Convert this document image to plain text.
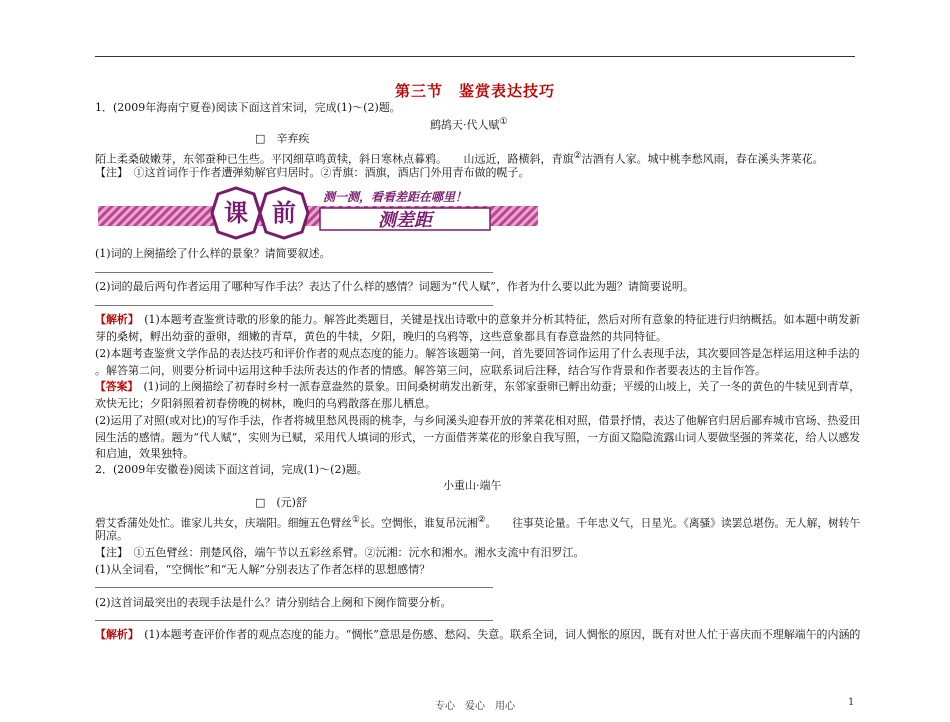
第三节　鉴赏表达技巧
1．(2009年海南宁夏卷)阅读下面这首宋词，完成(1)～(2)题。
鹧鸪天·代人赋①
□　辛弃疾
陌上柔桑破嫩芽，东邻蚕种已生些。平冈细草鸣黄犊，斜日寒林点暮鸦。　　山远近，路横斜，青旗②沽酒有人家。城中桃李愁风雨，春在溪头荠菜花。
【注】　①这首词作于作者遭弹劾解官归居时。②青旗：酒旗，酒店门外用青布做的幌子。
课 前
测一测，看看差距在哪里！
测差距
(1)词的上阕描绘了什么样的景象？请简要叙述。
(2)词的最后两句作者运用了哪种写作手法？表达了什么样的感情？词题为“代人赋”，作者为什么要以此为题？请简要说明。
【解析】　(1)本题考查鉴赏诗歌的形象的能力。解答此类题目，关键是找出诗歌中的意象并分析其特征，然后对所有意象的特征进行归纳概括。如本题中萌发新
芽的桑树，孵出幼蚕的蚕卵，细嫩的青草，黄色的牛犊，夕阳，晚归的乌鸦等，这些意象都具有春意盎然的共同特征。
(2)本题考查鉴赏文学作品的表达技巧和评价作者的观点态度的能力。解答该题第一问，首先要回答词作运用了什么表现手法，其次要回答是怎样运用这种手法的
。解答第二问，则要分析词中运用这种手法所表达的作者的情感。解答第三问，应联系词后注释，结合写作背景和作者要表达的主旨作答。
【答案】　(1)词的上阕描绘了初春时乡村一派春意盎然的景象。田间桑树萌发出新芽，东邻家蚕卵已孵出幼蚕；平缓的山坡上，关了一冬的黄色的牛犊见到青草，
欢快无比；夕阳斜照着初春傍晚的树林，晚归的乌鸦散落在那儿栖息。
(2)运用了对照(或对比)的写作手法，作者将城里愁风畏雨的桃李，与乡间溪头迎春开放的荠菜花相对照，借景抒情，表达了他解官归居后鄙弃城市官场、热爱田
园生活的感情。题为“代人赋”，实则为已赋，采用代人填词的形式，一方面借荠菜花的形象自我写照，一方面又隐隐流露山词人要做坚强的荠菜花，给人以感发
和启迪，效果独特。
2．(2009年安徽卷)阅读下面这首词，完成(1)～(2)题。
小重山·端午
□　(元)舒
碧艾香蒲处处忙。谁家儿共女，庆端阳。细缠五色臂丝①长。空惆怅，谁复吊沅湘②。　　往事莫论量。千年忠义气，日星光。《离骚》读罢总堪伤。无人解，树转午
阴凉。
【注】　①五色臂丝：荆楚风俗，端午节以五彩丝系臂。②沅湘：沅水和湘水。湘水支流中有汨罗江。
(1)从全词看，“空惆怅”和“无人解”分别表达了作者怎样的思想感情？
(2)这首词最突出的表现手法是什么？请分别结合上阕和下阕作简要分析。
【解析】　(1)本题考查评价作者的观点态度的能力。“惆怅”意思是伤感、愁闷、失意。联系全词，词人惆怅的原因，既有对世人忙于喜庆而不理解端午的内涵的
专心　爱心　用心	1
